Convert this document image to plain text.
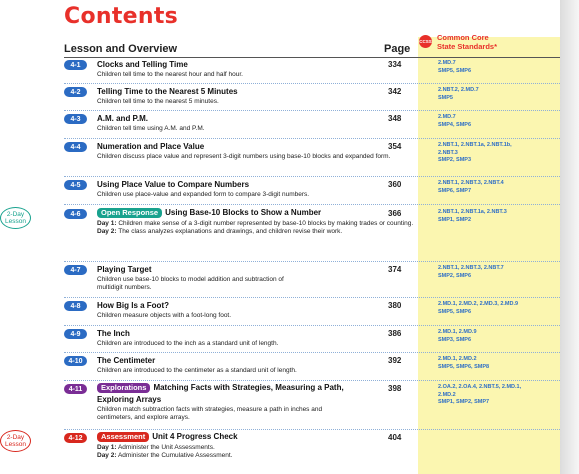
Contents
Lesson and Overview	Page
CCSS Common Core
State Standards*
4-1	Clocks and Telling Time
Children tell time to the nearest hour and half hour.
334	2.MD.7
SMP5, SMP6
4-2	Telling Time to the Nearest 5 Minutes
Children tell time to the nearest 5 minutes.
342	2.NBT.2, 2.MD.7
SMP5
4-3	A.M. and P.M.
Children tell time using A.M. and P.M.
348	2.MD.7
SMP4, SMP6
4-4	Numeration and Place Value
Children discuss place value and represent 3-digit numbers using base-10 blocks and expanded form.
354	2.NBT.1, 2.NBT.1a, 2.NBT.1b,
2.NBT.3
SMP2, SMP3
4-5	Using Place Value to Compare Numbers
Children use place-value and expanded form to compare 3-digit numbers.
360	2.NBT.1, 2.NBT.3, 2.NBT.4
SMP6, SMP7
2-Day
Lesson
4-6	Open Response Using Base-10 Blocks to Show a Number
Day 1: Children make sense of a 3-digit number represented by base-10 blocks by making trades or counting.
Day 2: The class analyzes explanations and drawings, and children revise their work.
366	2.NBT.1, 2.NBT.1a, 2.NBT.3
SMP1, SMP2
4-7	Playing Target
Children use base-10 blocks to model addition and subtraction of multidigit numbers.
374	2.NBT.1, 2.NBT.3, 2.NBT.7
SMP2, SMP6
4-8	How Big Is a Foot?
Children measure objects with a foot-long foot.
380	2.MD.1, 2.MD.2, 2.MD.3, 2.MD.9
SMP5, SMP6
4-9	The Inch
Children are introduced to the inch as a standard unit of length.
386	2.MD.1, 2.MD.9
SMP3, SMP6
4-10	The Centimeter
Children are introduced to the centimeter as a standard unit of length.
392	2.MD.1, 2.MD.2
SMP5, SMP6, SMP8
4-11	Explorations Matching Facts with Strategies, Measuring a Path,
Exploring Arrays
Children match subtraction facts with strategies, measure a path in inches and centimeters, and explore arrays.
398	2.OA.2, 2.OA.4, 2.NBT.5, 2.MD.1,
2.MD.2
SMP1, SMP2, SMP7
2-Day
Lesson
4-12	Assessment Unit 4 Progress Check
Day 1: Administer the Unit Assessments.
Day 2: Administer the Cumulative Assessment.
404
